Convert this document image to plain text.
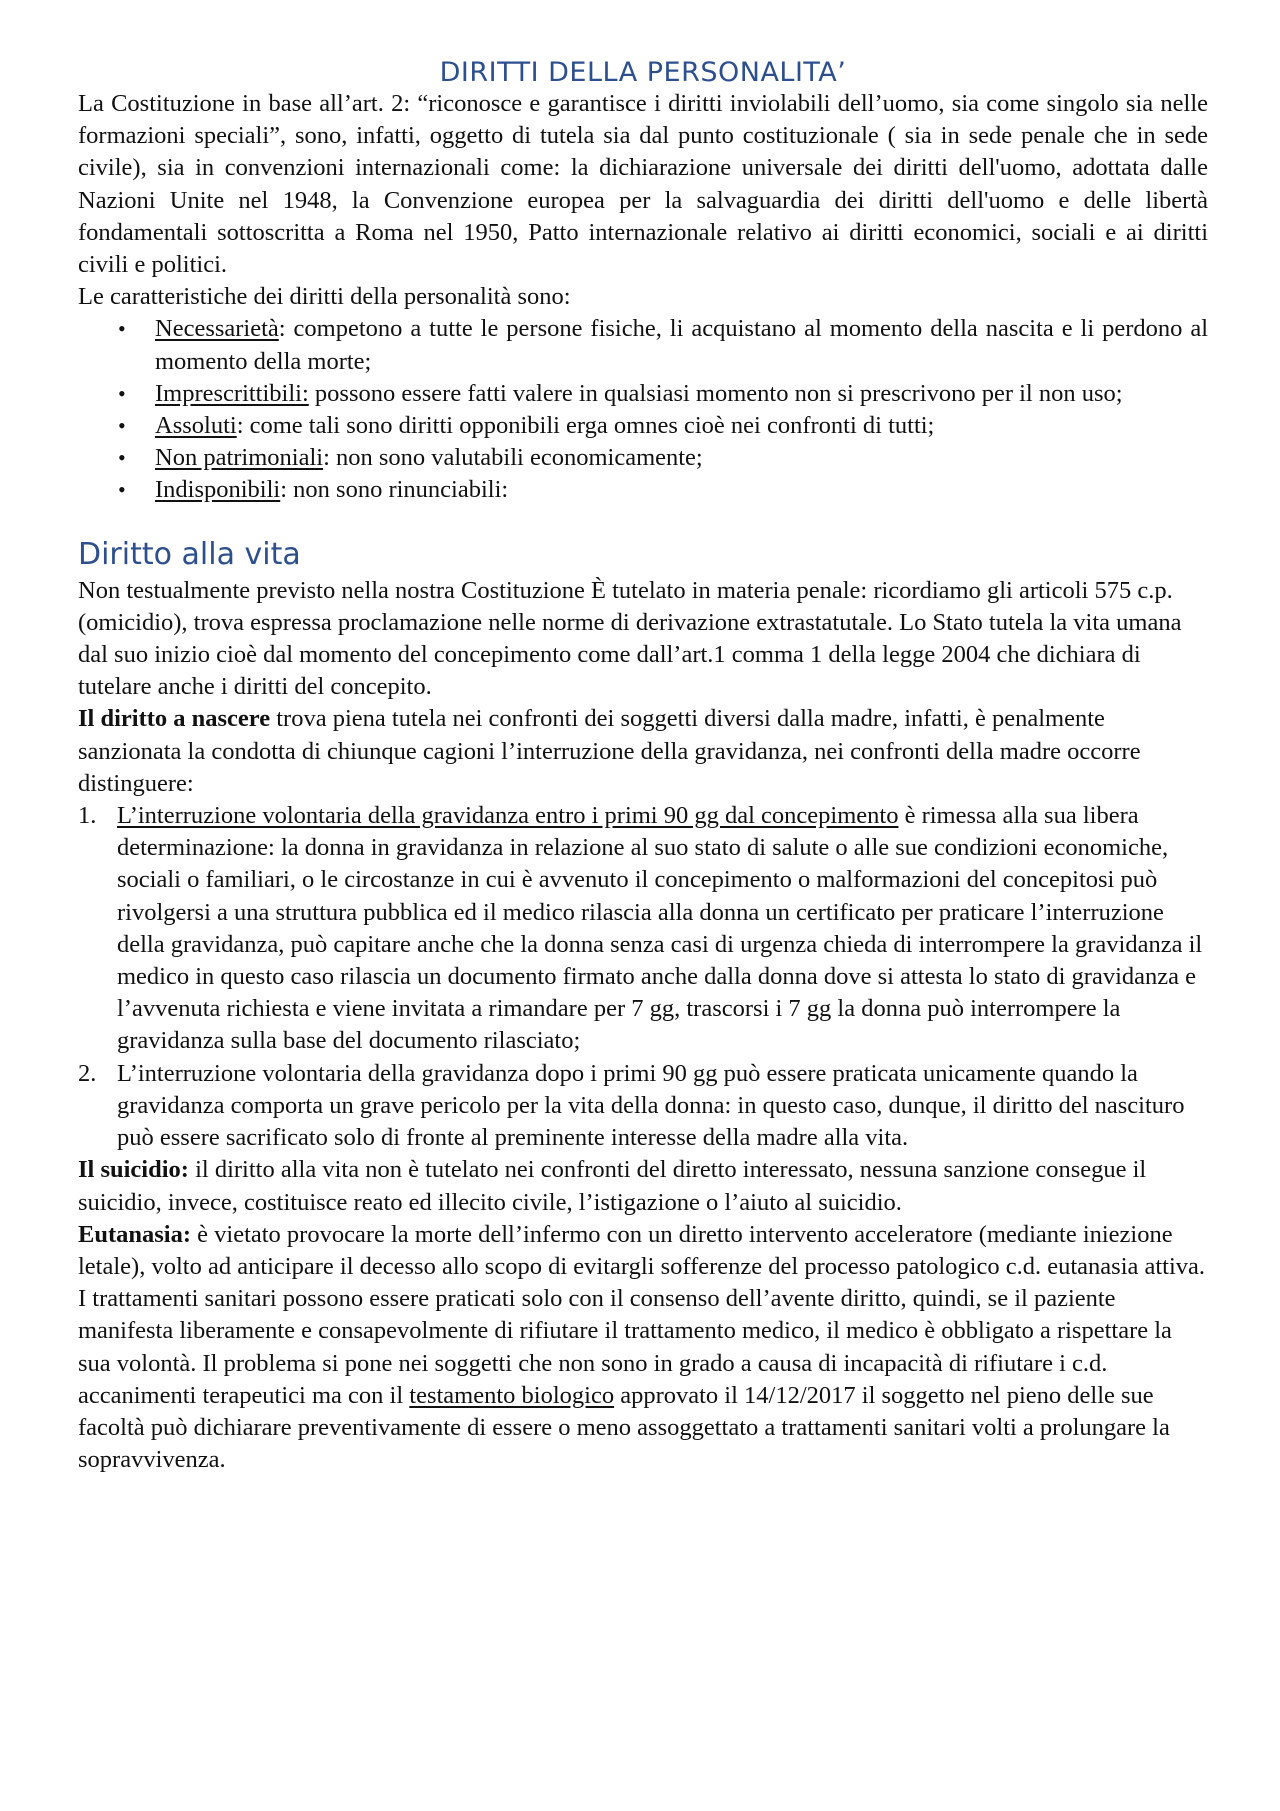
DIRITTI DELLA PERSONALITA’

La Costituzione in base all’art. 2: “riconosce e garantisce i diritti inviolabili dell’uomo, sia come singolo sia nelle formazioni speciali”, sono, infatti, oggetto di tutela sia dal punto costituzionale ( sia in sede penale che in sede civile), sia in convenzioni internazionali come: la dichiarazione universale dei diritti dell'uomo, adottata dalle Nazioni Unite nel 1948, la Convenzione europea per la salvaguardia dei diritti dell'uomo e delle libertà fondamentali sottoscritta a Roma nel 1950, Patto internazionale relativo ai diritti economici, sociali e ai diritti civili e politici.

Le caratteristiche dei diritti della personalità sono:

• Necessarietà: competono a tutte le persone fisiche, li acquistano al momento della nascita e li perdono al momento della morte;
• Imprescrittibili: possono essere fatti valere in qualsiasi momento non si prescrivono per il non uso;
• Assoluti: come tali sono diritti opponibili erga omnes cioè nei confronti di tutti;
• Non patrimoniali: non sono valutabili economicamente;
• Indisponibili: non sono rinunciabili:
Diritto alla vita

Non testualmente previsto nella nostra Costituzione È tutelato in materia penale: ricordiamo gli articoli 575 c.p. (omicidio), trova espressa proclamazione nelle norme di derivazione extrastatutale. Lo Stato tutela la vita umana dal suo inizio cioè dal momento del concepimento come dall’art.1 comma 1 della legge 2004 che dichiara di tutelare anche i diritti del concepito.

Il diritto a nascere trova piena tutela nei confronti dei soggetti diversi dalla madre, infatti, è penalmente sanzionata la condotta di chiunque cagioni l’interruzione della gravidanza, nei confronti della madre occorre distinguere:

1. L’interruzione volontaria della gravidanza entro i primi 90 gg dal concepimento è rimessa alla sua libera determinazione: la donna in gravidanza in relazione al suo stato di salute o alle sue condizioni economiche, sociali o familiari, o le circostanze in cui è avvenuto il concepimento o malformazioni del concepitosi può rivolgersi a una struttura pubblica ed il medico rilascia alla donna un certificato per praticare l’interruzione della gravidanza, può capitare anche che la donna senza casi di urgenza chieda di interrompere la gravidanza il medico in questo caso rilascia un documento firmato anche dalla donna dove si attesta lo stato di gravidanza e l’avvenuta richiesta e viene invitata a rimandare per 7 gg, trascorsi i 7 gg la donna può interrompere la gravidanza sulla base del documento rilasciato;
2. L’interruzione volontaria della gravidanza dopo i primi 90 gg può essere praticata unicamente quando la gravidanza comporta un grave pericolo per la vita della donna: in questo caso, dunque, il diritto del nascituro può essere sacrificato solo di fronte al preminente interesse della madre alla vita.

Il suicidio: il diritto alla vita non è tutelato nei confronti del diretto interessato, nessuna sanzione consegue il suicidio, invece, costituisce reato ed illecito civile, l’istigazione o l’aiuto al suicidio.

Eutanasia: è vietato provocare la morte dell’infermo con un diretto intervento acceleratore (mediante iniezione letale), volto ad anticipare il decesso allo scopo di evitargli sofferenze del processo patologico c.d. eutanasia attiva. I trattamenti sanitari possono essere praticati solo con il consenso dell’avente diritto, quindi, se il paziente manifesta liberamente e consapevolmente di rifiutare il trattamento medico, il medico è obbligato a rispettare la sua volontà. Il problema si pone nei soggetti che non sono in grado a causa di incapacità di rifiutare i c.d. accanimenti terapeutici ma con il testamento biologico approvato il 14/12/2017 il soggetto nel pieno delle sue facoltà può dichiarare preventivamente di essere o meno assoggettato a trattamenti sanitari volti a prolungare la sopravvivenza.
